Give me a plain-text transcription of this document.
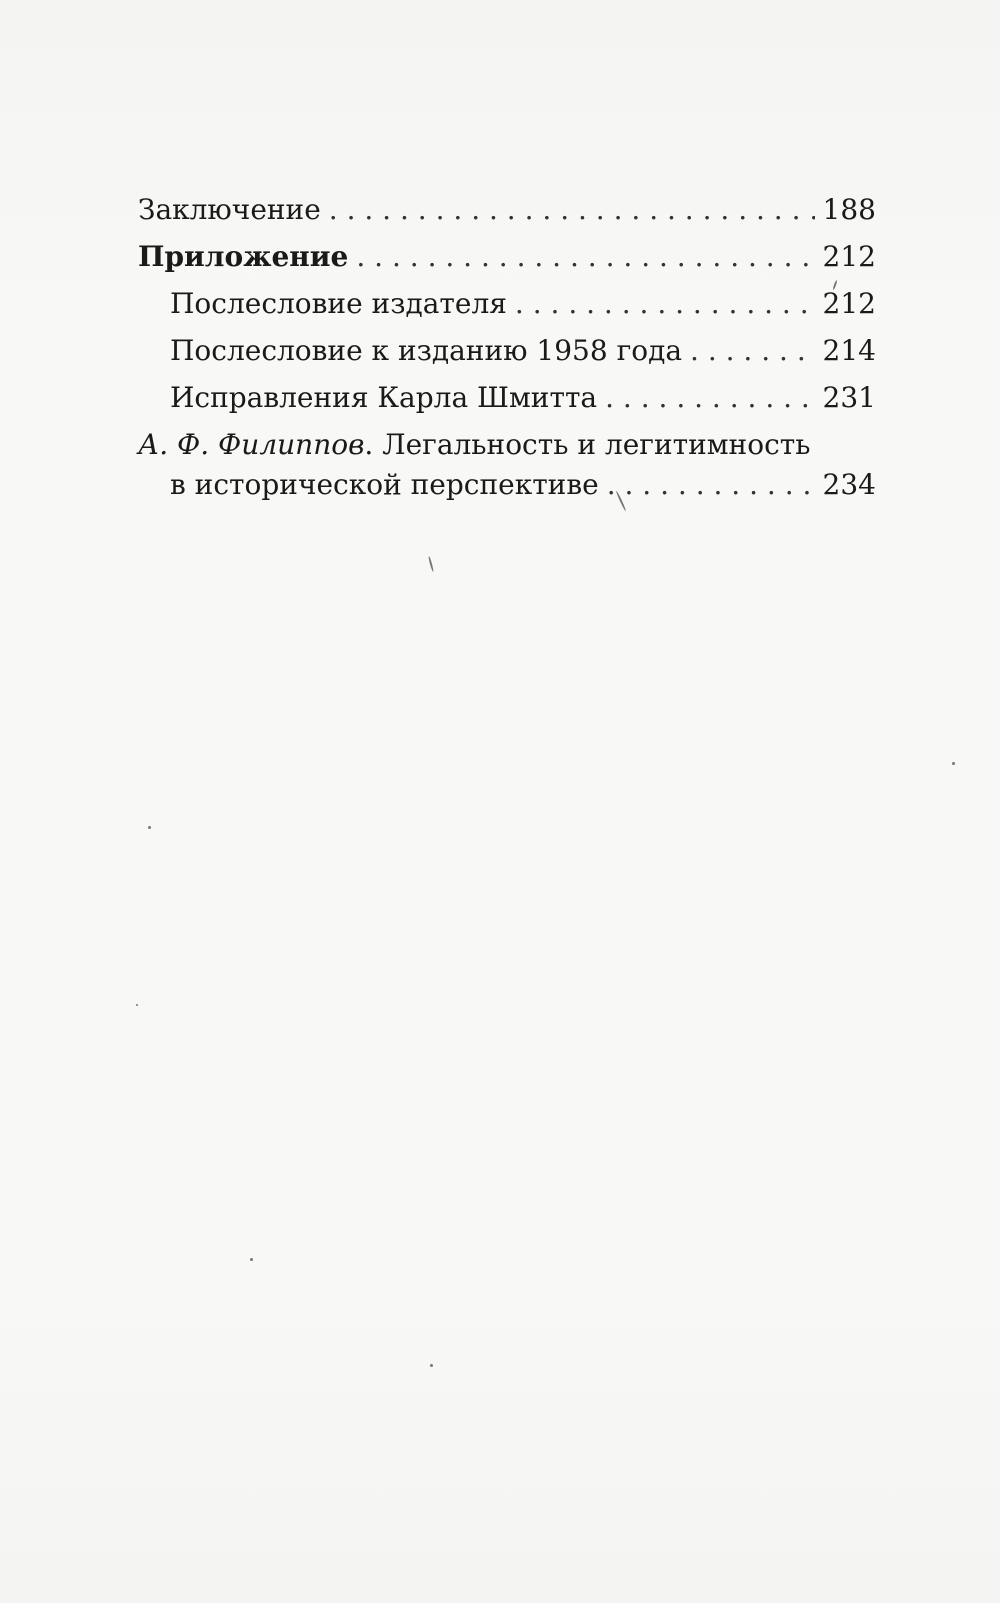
Заключение . . .	188
Приложение . . .	212
Послесловие издателя . . .	212
Послесловие к изданию 1958 года . . .	214
Исправления Карла Шмитта . . .	231
А. Ф. Филиппов. Легальность и легитимность
в исторической перспективе . . .	234
